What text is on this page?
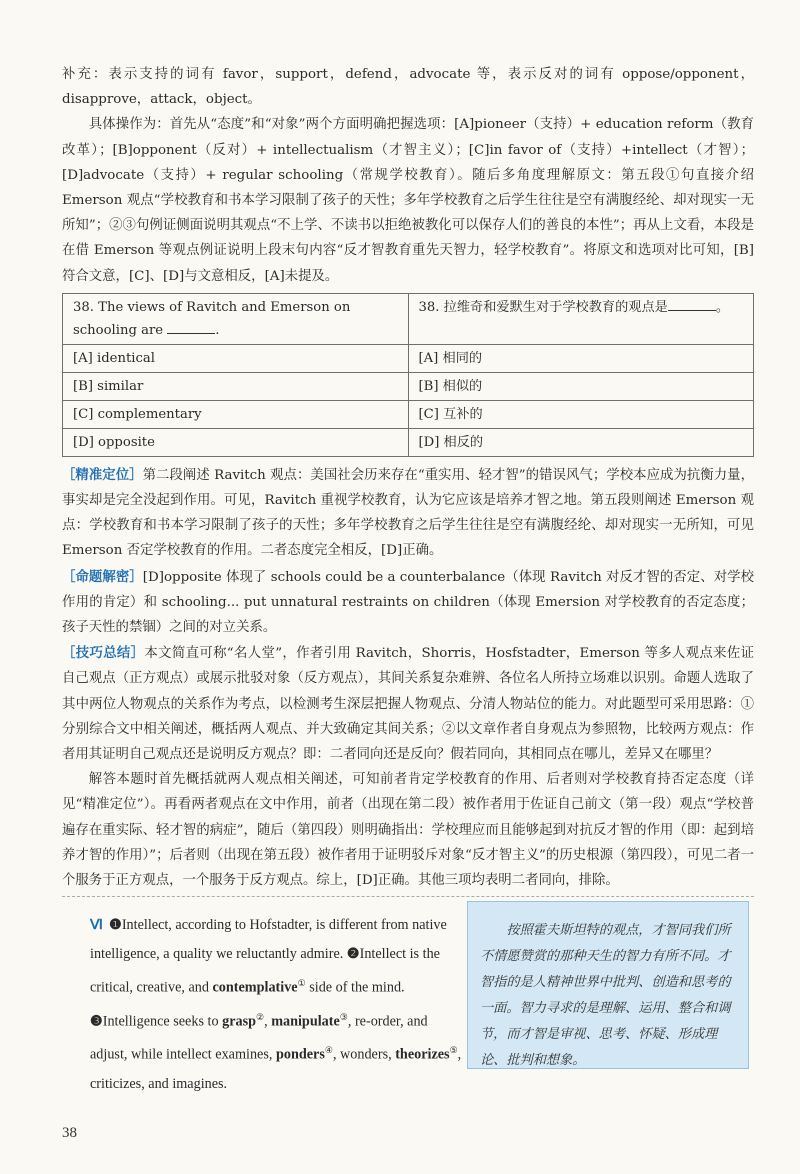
补充：表示支持的词有 favor，support，defend，advocate 等，表示反对的词有 oppose/opponent，disapprove，attack，object。

具体操作为：首先从“态度”和“对象”两个方面明确把握选项：[A]pioneer（支持）+ education reform（教育改革）；[B]opponent（反对）+ intellectualism（才智主义）；[C]in favor of（支持）+intellect（才智）；[D]advocate（支持）+ regular schooling（常规学校教育）。随后多角度理解原文：第五段①句直接介绍 Emerson 观点“学校教育和书本学习限制了孩子的天性；多年学校教育之后学生往往是空有满腹经纶、却对现实一无所知”；②③句例证侧面说明其观点“不上学、不读书以拒绝被教化可以保存人们的善良的本性”；再从上文看，本段是在借 Emerson 等观点例证说明上段末句内容“反才智教育重先天智力，轻学校教育”。将原文和选项对比可知，[B]符合文意，[C]、[D]与文意相反，[A]未提及。

38. The views of Ravitch and Emerson on schooling are .	38. 拉维奇和爱默生对于学校教育的观点是 。
[A] identical	[A] 相同的
[B] similar	[B] 相似的
[C] complementary	[C] 互补的
[D] opposite	[D] 相反的

［精准定位］第二段阐述 Ravitch 观点：美国社会历来存在“重实用、轻才智”的错误风气；学校本应成为抗衡力量，事实却是完全没起到作用。可见，Ravitch 重视学校教育，认为它应该是培养才智之地。第五段则阐述 Emerson 观点：学校教育和书本学习限制了孩子的天性；多年学校教育之后学生往往是空有满腹经纶、却对现实一无所知，可见 Emerson 否定学校教育的作用。二者态度完全相反，[D]正确。

［命题解密］[D]opposite 体现了 schools could be a counterbalance（体现 Ravitch 对反才智的否定、对学校作用的肯定）和 schooling... put unnatural restraints on children（体现 Emersion 对学校教育的否定态度；孩子天性的禁锢）之间的对立关系。

［技巧总结］本文简直可称“名人堂”，作者引用 Ravitch，Shorris，Hosfstadter，Emerson 等多人观点来佐证自己观点（正方观点）或展示批驳对象（反方观点），其间关系复杂难辨、各位名人所持立场难以识别。命题人选取了其中两位人物观点的关系作为考点，以检测考生深层把握人物观点、分清人物站位的能力。对此题型可采用思路：①分别综合文中相关阐述，概括两人观点、并大致确定其间关系；②以文章作者自身观点为参照物，比较两方观点：作者用其证明自己观点还是说明反方观点？即：二者同向还是反向？假若同向，其相同点在哪儿，差异又在哪里？

解答本题时首先概括就两人观点相关阐述，可知前者肯定学校教育的作用、后者则对学校教育持否定态度（详见“精准定位”）。再看两者观点在文中作用，前者（出现在第二段）被作者用于佐证自己前文（第一段）观点“学校普遍存在重实际、轻才智的病症”，随后（第四段）则明确指出：学校理应而且能够起到对抗反才智的作用（即：起到培养才智的作用）”；后者则（出现在第五段）被作者用于证明驳斥对象“反才智主义”的历史根源（第四段），可见二者一个服务于正方观点，一个服务于反方观点。综上，[D]正确。其他三项均表明二者同向，排除。

Ⅵ ❶Intellect, according to Hofstadter, is different from native intelligence, a quality we reluctantly admire. ❷Intellect is the critical, creative, and contemplative① side of the mind. ❸Intelligence seeks to grasp②, manipulate③, re-order, and adjust, while intellect examines, ponders④, wonders, theorizes⑤, criticizes, and imagines.
按照霍夫斯坦特的观点，才智同我们所不情愿赞赏的那种天生的智力有所不同。才智指的是人精神世界中批判、创造和思考的一面。智力寻求的是理解、运用、整合和调节，而才智是审视、思考、怀疑、形成理论、批判和想象。
38
